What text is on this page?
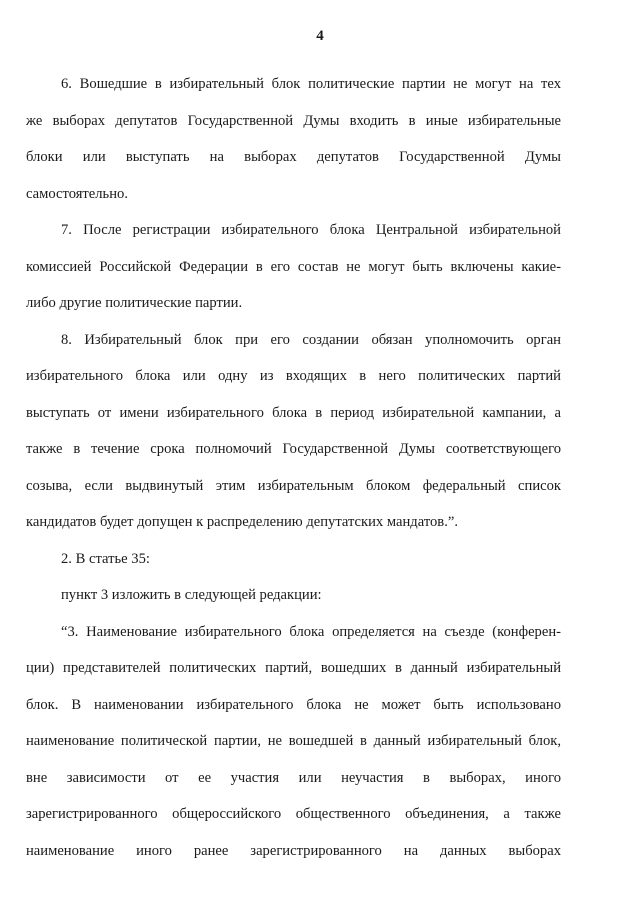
4

6. Вошедшие в избирательный блок политические партии не могут на тех
же выборах депутатов Государственной Думы входить в иные избирательные
блоки или выступать на выборах депутатов Государственной Думы
самостоятельно.

7. После регистрации избирательного блока Центральной избирательной
комиссией Российской Федерации в его состав не могут быть включены какие-
либо другие политические партии.

8. Избирательный блок при его создании обязан уполномочить орган
избирательного блока или одну из входящих в него политических партий
выступать от имени избирательного блока в период избирательной кампании, а
также в течение срока полномочий Государственной Думы соответствующего
созыва, если выдвинутый этим избирательным блоком федеральный список
кандидатов будет допущен к распределению депутатских мандатов.”.

2. В статье 35:

пункт 3 изложить в следующей редакции:

“3. Наименование избирательного блока определяется на съезде (конферен-
ции) представителей политических партий, вошедших в данный избирательный
блок. В наименовании избирательного блока не может быть использовано
наименование политической партии, не вошедшей в данный избирательный блок,
вне зависимости от ее участия или неучастия в выборах, иного
зарегистрированного общероссийского общественного объединения, а также
наименование иного ранее зарегистрированного на данных выборах
